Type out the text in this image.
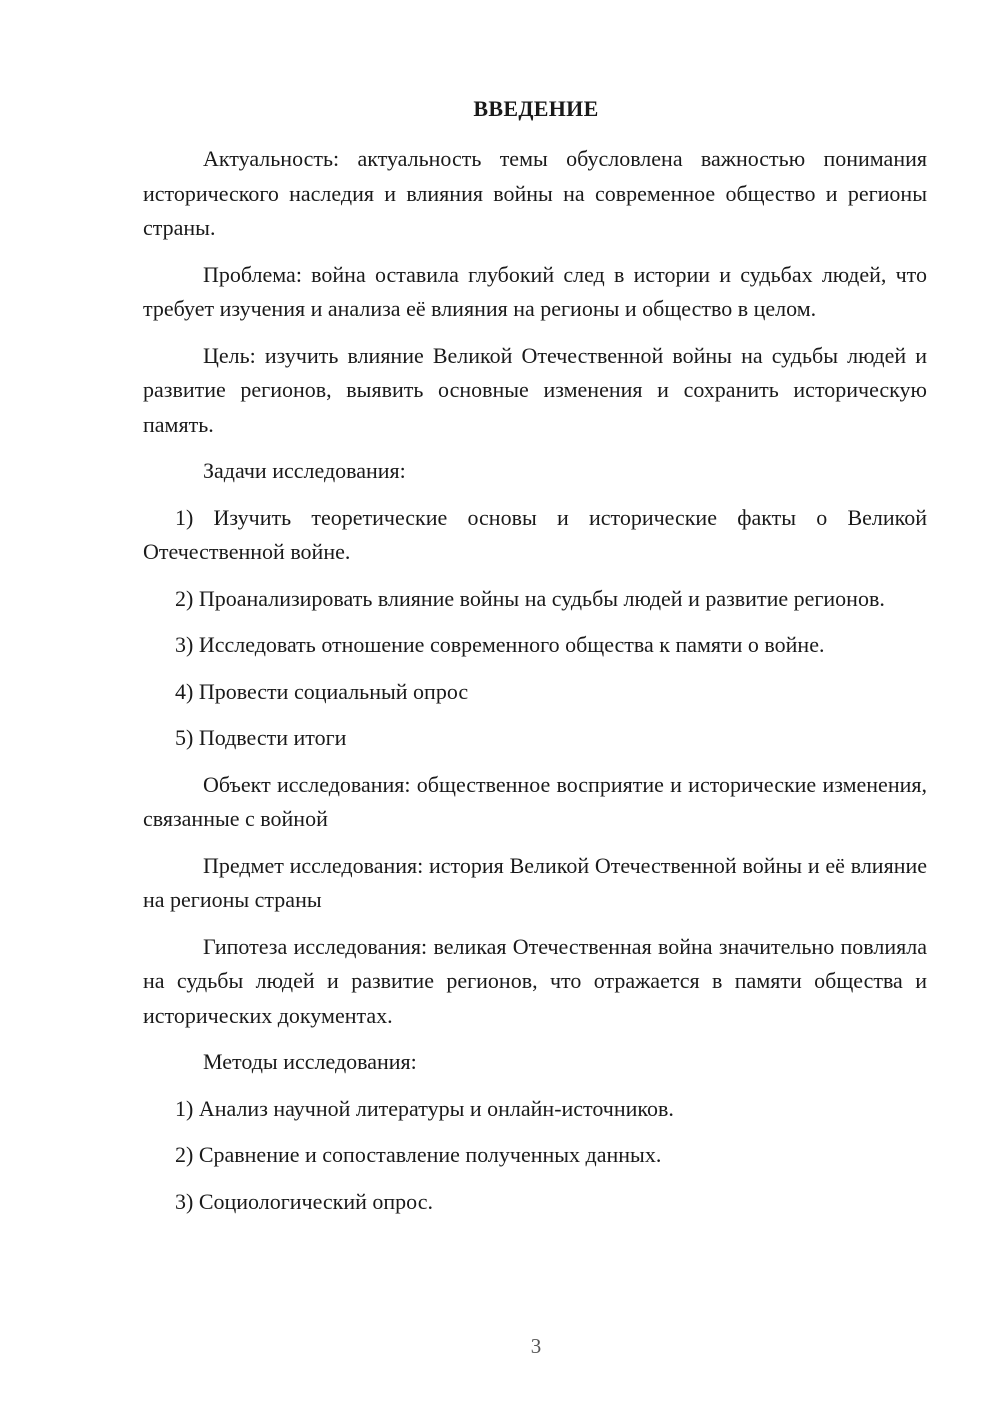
ВВЕДЕНИЕ

Актуальность: актуальность темы обусловлена важностью понимания исторического наследия и влияния войны на современное общество и регионы страны.

Проблема: война оставила глубокий след в истории и судьбах людей, что требует изучения и анализа её влияния на регионы и общество в целом.

Цель: изучить влияние Великой Отечественной войны на судьбы людей и развитие регионов, выявить основные изменения и сохранить историческую память.

Задачи исследования:

1) Изучить теоретические основы и исторические факты о Великой Отечественной войне.

2) Проанализировать влияние войны на судьбы людей и развитие регионов.

3) Исследовать отношение современного общества к памяти о войне.

4) Провести социальный опрос

5) Подвести итоги

Объект исследования: общественное восприятие и исторические изменения, связанные с войной

Предмет исследования: история Великой Отечественной войны и её влияние на регионы страны

Гипотеза исследования: великая Отечественная война значительно повлияла на судьбы людей и развитие регионов, что отражается в памяти общества и исторических документах.

Методы исследования:

1) Анализ научной литературы и онлайн-источников.

2) Сравнение и сопоставление полученных данных.

3) Социологический опрос.

3
